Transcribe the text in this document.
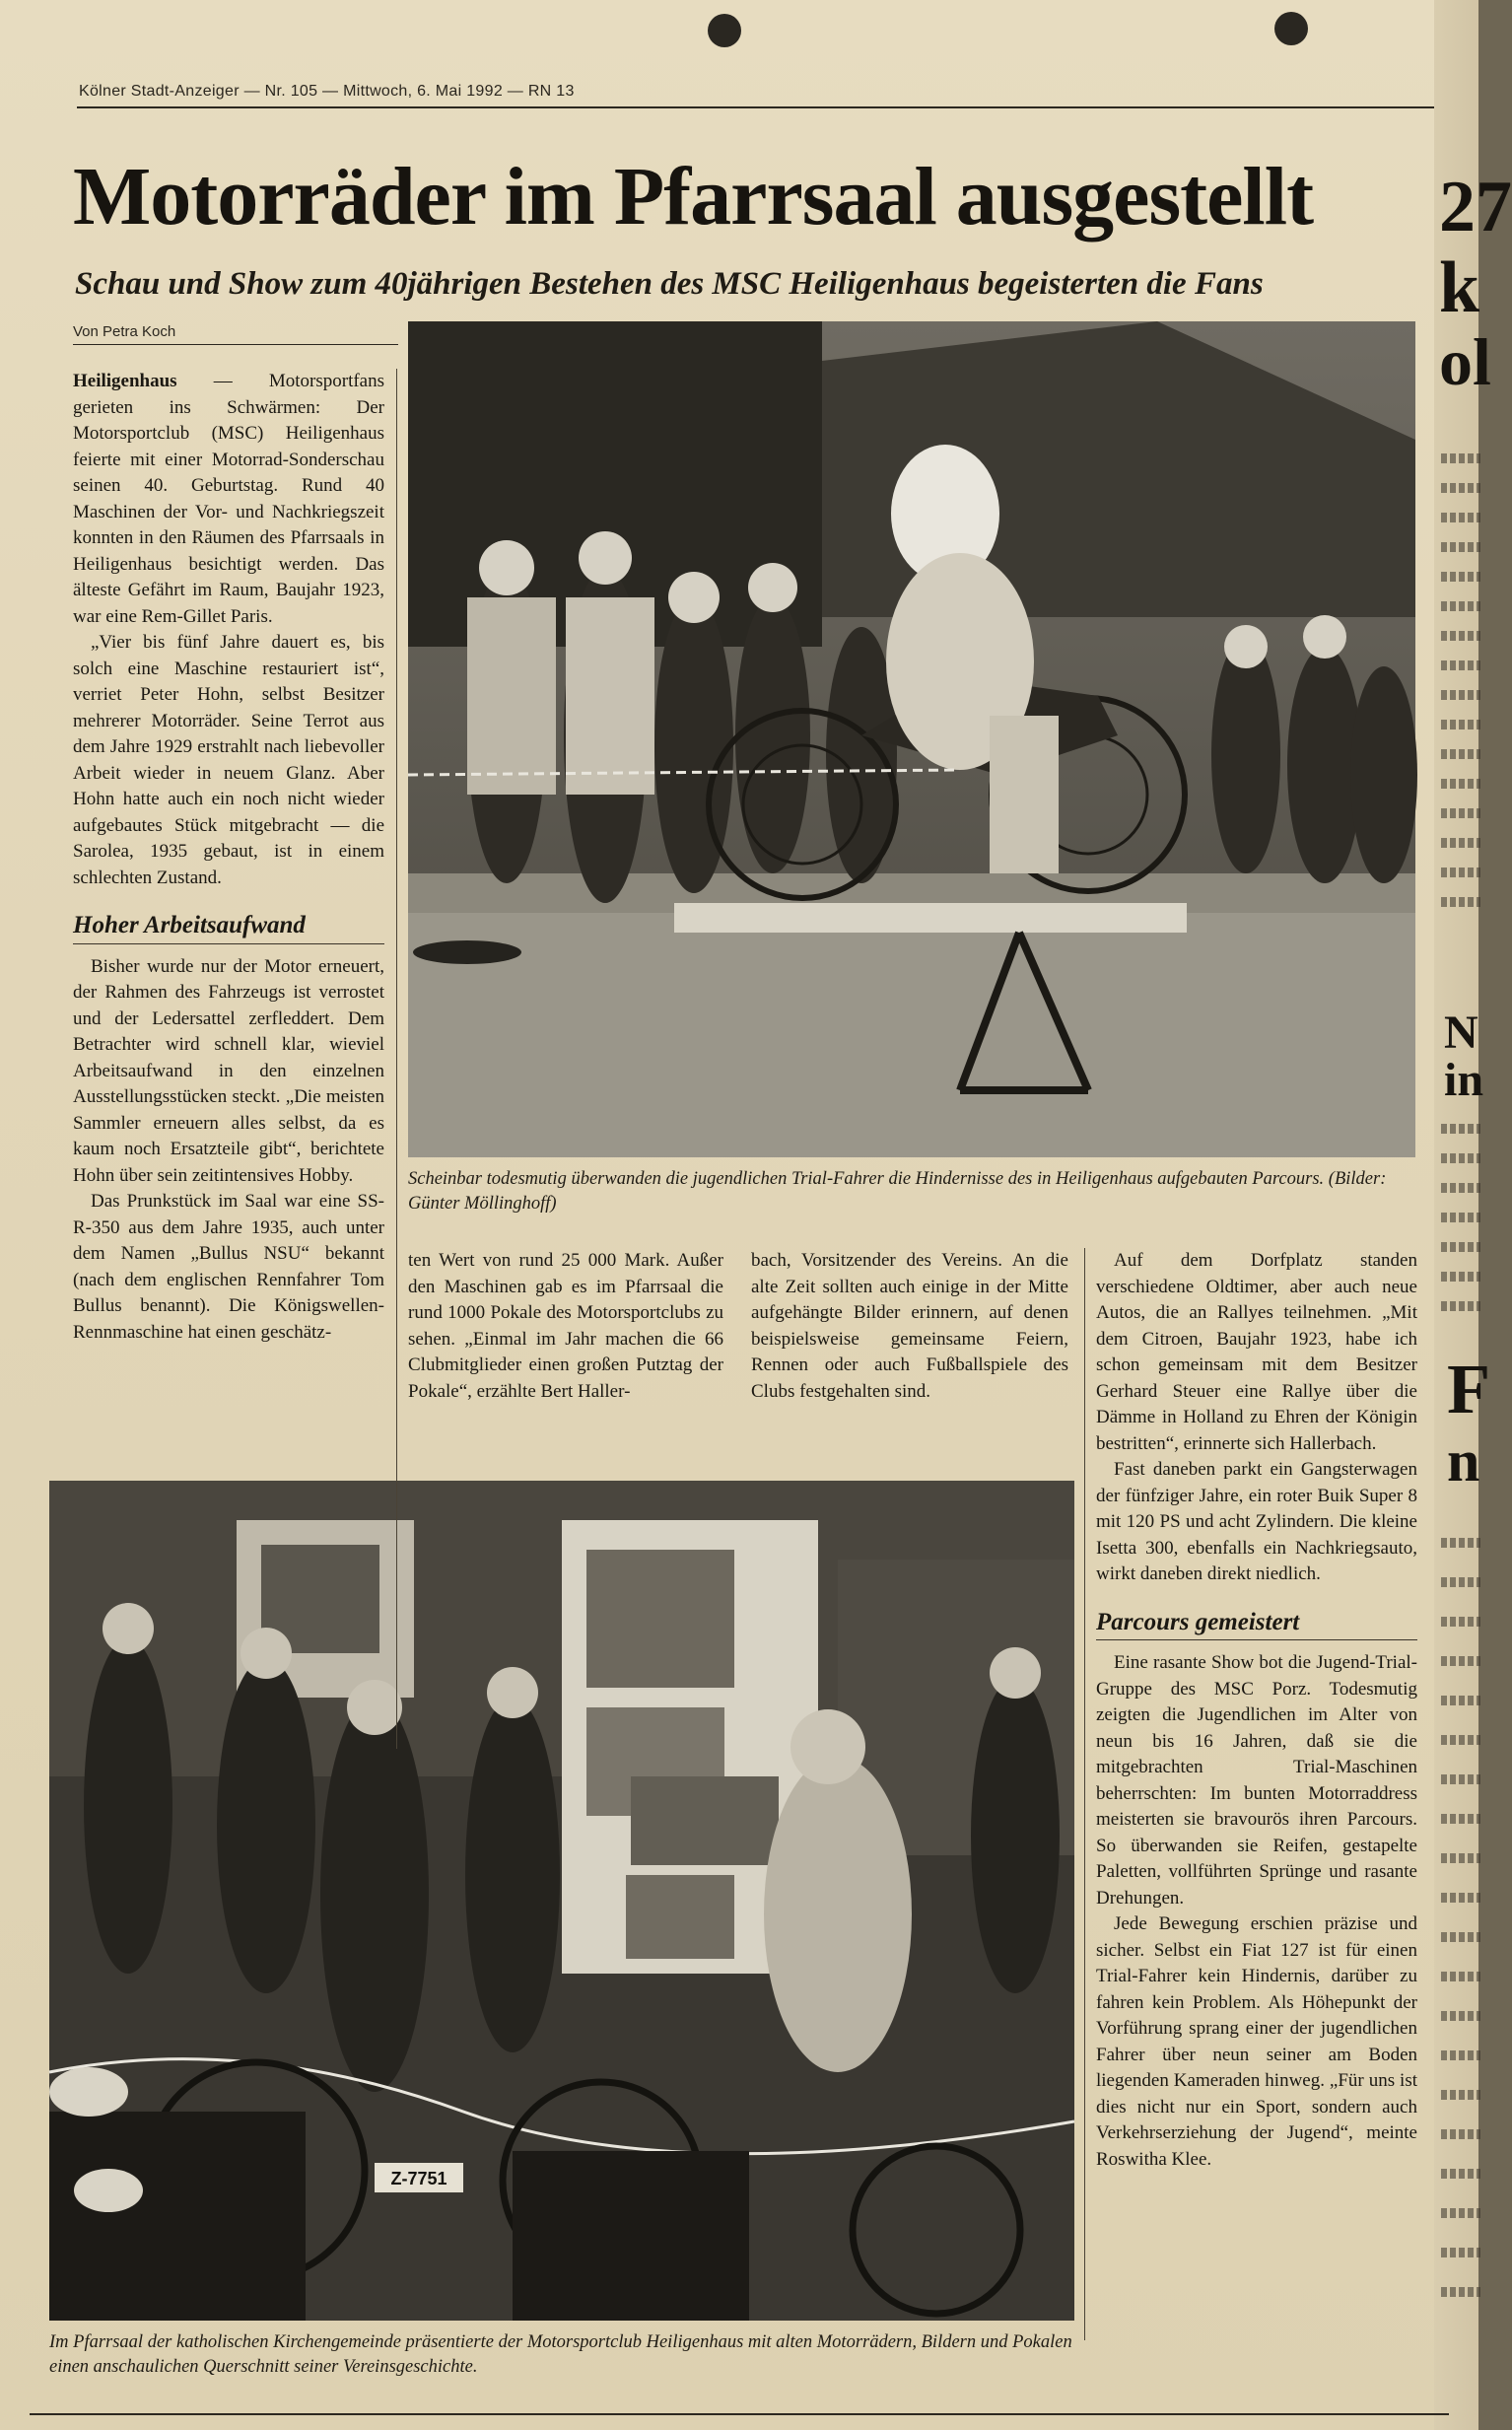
Kölner Stadt-Anzeiger — Nr. 105 — Mittwoch, 6. Mai 1992 — RN 13
Motorräder im Pfarrsaal ausgestellt
Schau und Show zum 40jährigen Bestehen des MSC Heiligenhaus begeisterten die Fans
Von Petra Koch

Heiligenhaus — Motorsportfans gerieten ins Schwärmen: Der Motorsportclub (MSC) Heiligenhaus feierte mit einer Motorrad-Sonderschau seinen 40. Geburtstag. Rund 40 Maschinen der Vor- und Nachkriegszeit konnten in den Räumen des Pfarrsaals in Heiligenhaus besichtigt werden. Das älteste Gefährt im Raum, Baujahr 1923, war eine Rem-Gillet Paris.

„Vier bis fünf Jahre dauert es, bis solch eine Maschine restauriert ist“, verriet Peter Hohn, selbst Besitzer mehrerer Motorräder. Seine Terrot aus dem Jahre 1929 erstrahlt nach liebevoller Arbeit wieder in neuem Glanz. Aber Hohn hatte auch ein noch nicht wieder aufgebautes Stück mitgebracht — die Sarolea, 1935 gebaut, ist in einem schlechten Zustand.

Hoher Arbeitsaufwand

Bisher wurde nur der Motor erneuert, der Rahmen des Fahrzeugs ist verrostet und der Ledersattel zerfleddert. Dem Betrachter wird schnell klar, wieviel Arbeitsaufwand in den einzelnen Ausstellungsstücken steckt. „Die meisten Sammler erneuern alles selbst, da es kaum noch Ersatzteile gibt“, berichtete Hohn über sein zeitintensives Hobby.

Das Prunkstück im Saal war eine SS-R-350 aus dem Jahre 1935, auch unter dem Namen „Bullus NSU“ bekannt (nach dem englischen Rennfahrer Tom Bullus benannt). Die Königswellen-Rennmaschine hat einen geschätz-

Scheinbar todesmutig überwanden die jugendlichen Trial-Fahrer die Hindernisse des in Heiligenhaus aufgebauten Parcours. (Bilder: Günter Möllinghoff)

ten Wert von rund 25 000 Mark. Außer den Maschinen gab es im Pfarrsaal die rund 1000 Pokale des Motorsportclubs zu sehen. „Einmal im Jahr machen die 66 Clubmitglieder einen großen Putztag der Pokale“, erzählte Bert Haller-

bach, Vorsitzender des Vereins. An die alte Zeit sollten auch einige in der Mitte aufgehängte Bilder erinnern, auf denen beispielsweise gemeinsame Feiern, Rennen oder auch Fußballspiele des Clubs festgehalten sind.

Auf dem Dorfplatz standen verschiedene Oldtimer, aber auch neue Autos, die an Rallyes teilnehmen. „Mit dem Citroen, Baujahr 1923, habe ich schon gemeinsam mit dem Besitzer Gerhard Steuer eine Rallye über die Dämme in Holland zu Ehren der Königin bestritten“, erinnerte sich Hallerbach.

Fast daneben parkt ein Gangsterwagen der fünfziger Jahre, ein roter Buik Super 8 mit 120 PS und acht Zylindern. Die kleine Isetta 300, ebenfalls ein Nachkriegsauto, wirkt daneben direkt niedlich.

Parcours gemeistert

Eine rasante Show bot die Jugend-Trial-Gruppe des MSC Porz. Todesmutig zeigten die Jugendlichen im Alter von neun bis 16 Jahren, daß sie die mitgebrachten Trial-Maschinen beherrschten: Im bunten Motorraddress meisterten sie bravourös ihren Parcours. So überwanden sie Reifen, gestapelte Paletten, vollführten Sprünge und rasante Drehungen.

Jede Bewegung erschien präzise und sicher. Selbst ein Fiat 127 ist für einen Trial-Fahrer kein Hindernis, darüber zu fahren kein Problem. Als Höhepunkt der Vorführung sprang einer der jugendlichen Fahrer über neun seiner am Boden liegenden Kameraden hinweg. „Für uns ist dies nicht nur ein Sport, sondern auch Verkehrserziehung der Jugend“, meinte Roswitha Klee.

Z-7751
Im Pfarrsaal der katholischen Kirchengemeinde präsentierte der Motorsportclub Heiligenhaus mit alten Motorrädern, Bildern und Pokalen einen anschaulichen Querschnitt seiner Vereinsgeschichte.
27
k
ol
N
in
F
n
